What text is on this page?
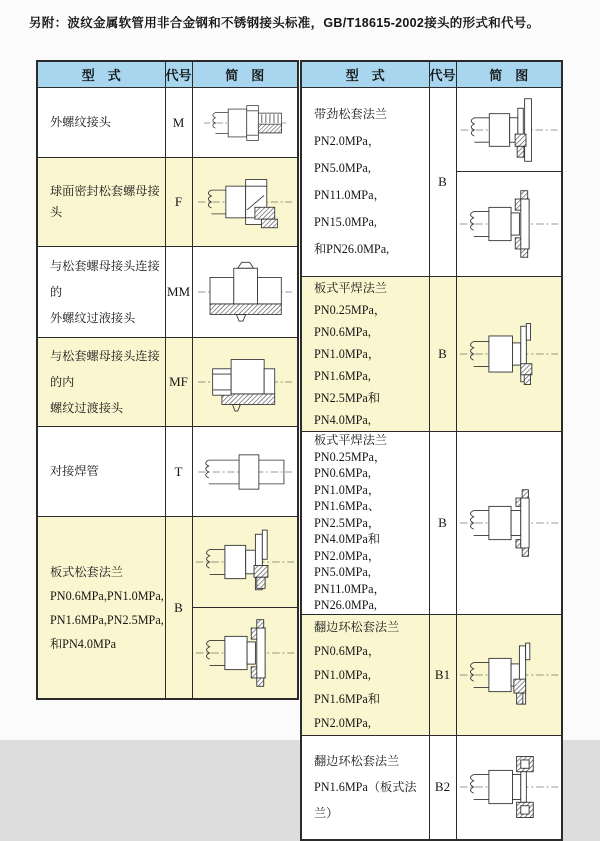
另附：波纹金属软管用非合金钢和不锈钢接头标准，GB/T18615-2002接头的形式和代号。
型　式	代号	简　图

外螺纹接头	M	

球面密封松套螺母接头	F	

与松套螺母接头连接的
外螺纹过液接头	MM	

与松套螺母接头连接的内
螺纹过渡接头	MF	

对接焊管	T	

板式松套法兰
PN0.6MPa,PN1.0MPa,
PN1.6MPa,PN2.5MPa,
和PN4.0MPa	B	
型　式	代号	简　图

带劲松套法兰
PN2.0MPa，PN5.0MPa,
PN11.0MPa，PN15.0MPa,
和PN26.0MPa,	B	

板式平焊法兰
PN0.25MPa，PN0.6MPa,
PN1.0MPa，PN1.6MPa,
PN2.5MPa和PN4.0MPa,	B	

板式平焊法兰
PN0.25MPa，PN0.6MPa,
PN1.0MPa，PN1.6MPa、
PN2.5MPa，PN4.0MPa和
PN2.0MPa，PN5.0MPa,
PN11.0MPa，PN26.0MPa,
	B	

翻边环松套法兰
PN0.6MPa，PN1.0MPa,
PN1.6MPa和PN2.0MPa,	B1	

翻边环松套法兰
PN1.6MPa（板式法兰）	B2	
